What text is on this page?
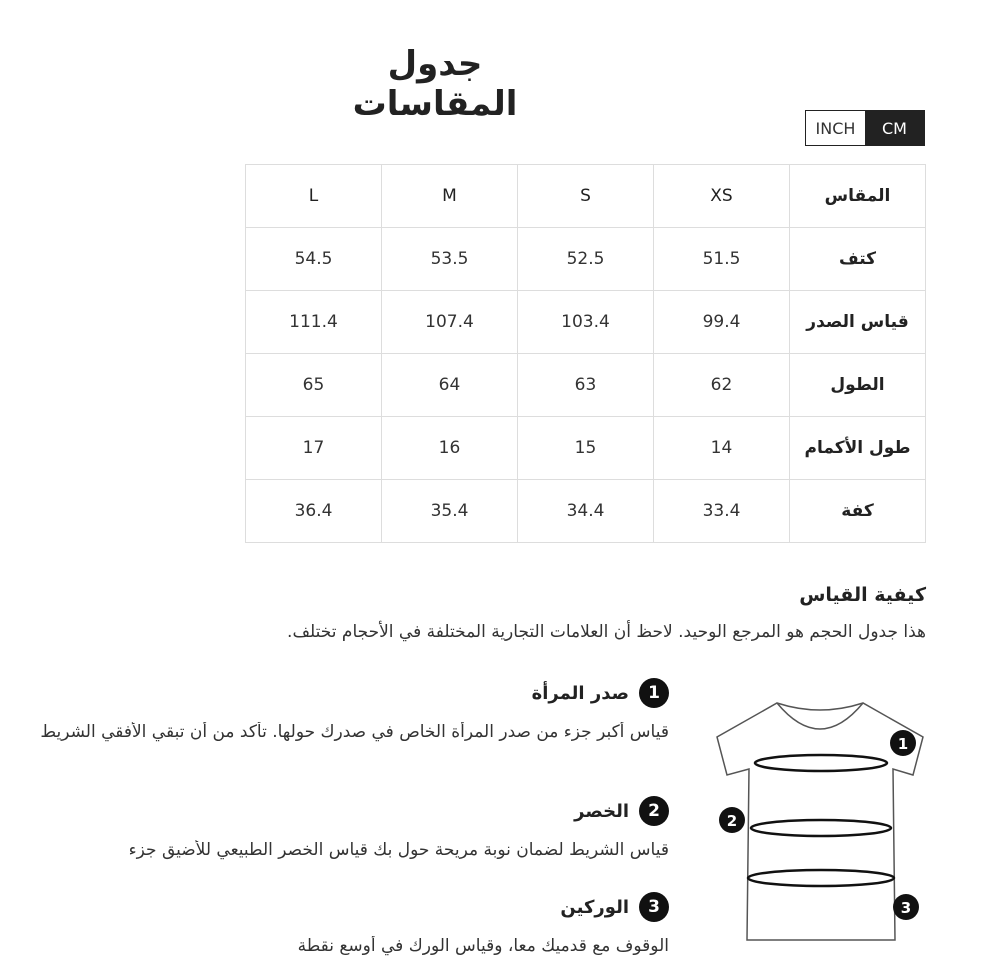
جدول المقاسات
INCH	CM
المقاس	XS	S	M	L
كتف	51.5	52.5	53.5	54.5
قياس الصدر	99.4	103.4	107.4	111.4
الطول	62	63	64	65
طول الأكمام	14	15	16	17
كفة	33.4	34.4	35.4	36.4
كيفية القياس
هذا جدول الحجم هو المرجع الوحيد. لاحظ أن العلامات التجارية المختلفة في الأحجام تختلف.
1
صدر المرأة
قياس أكبر جزء من صدر المرأة الخاص في صدرك حولها. تأكد من أن تبقي الأفقي الشريط
2
الخصر
قياس الشريط لضمان نوبة مريحة حول بك قياس الخصر الطبيعي للأضيق جزء
3
الوركين
الوقوف مع قدميك معا، وقياس الورك في أوسع نقطة
1
2
3
